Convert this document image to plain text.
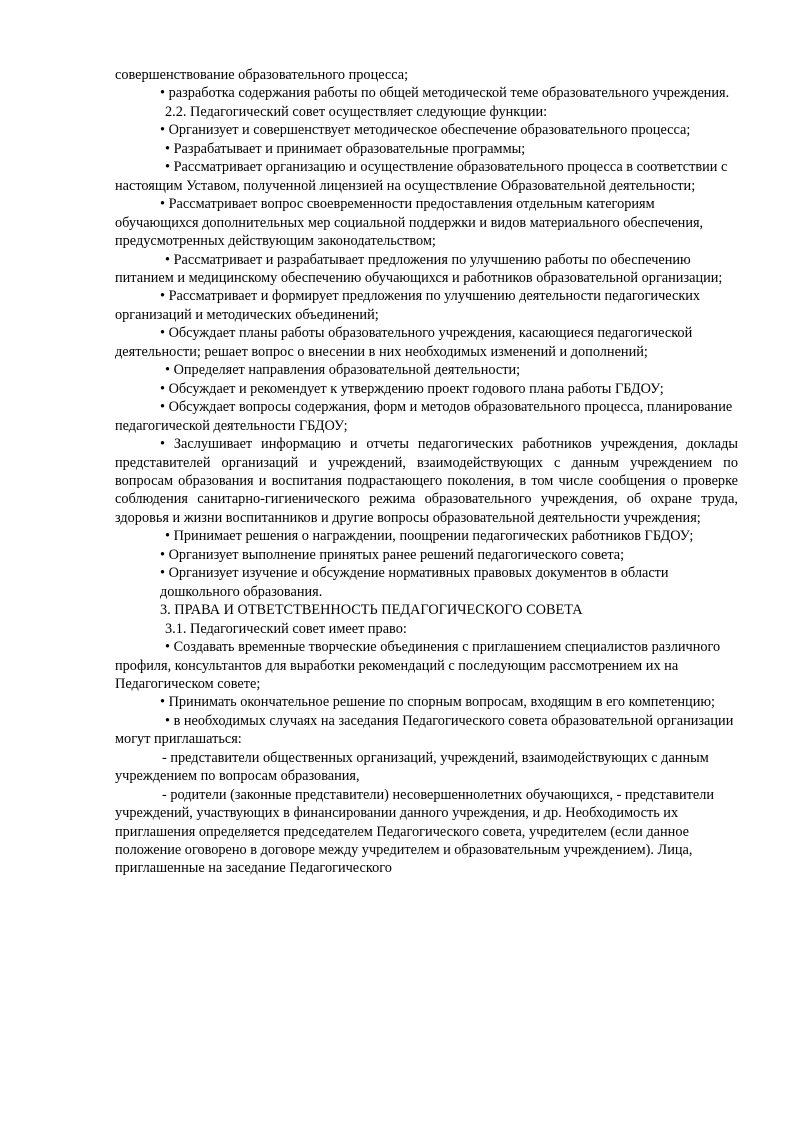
совершенствование образовательного процесса;

• разработка содержания работы по общей методической теме образовательного учреждения.

2.2. Педагогический совет осуществляет следующие функции:

• Организует и совершенствует методическое обеспечение образовательного процесса;

• Разрабатывает и принимает образовательные программы;

• Рассматривает организацию и осуществление образовательного процесса в соответствии с настоящим Уставом, полученной лицензией на осуществление Образовательной деятельности;

• Рассматривает вопрос своевременности предоставления отдельным категориям обучающихся дополнительных мер социальной поддержки и видов материального обеспечения, предусмотренных действующим законодательством;

• Рассматривает и разрабатывает предложения по улучшению работы по обеспечению питанием и медицинскому обеспечению обучающихся и работников образовательной организации;

• Рассматривает и формирует предложения по улучшению деятельности педагогических организаций и методических объединений;

• Обсуждает планы работы образовательного учреждения, касающиеся педагогической деятельности; решает вопрос о внесении в них необходимых изменений и дополнений;

• Определяет направления образовательной деятельности;

• Обсуждает и рекомендует к утверждению проект годового плана работы ГБДОУ;

• Обсуждает вопросы содержания, форм и методов образовательного процесса, планирование педагогической деятельности ГБДОУ;

• Заслушивает информацию и отчеты педагогических работников учреждения, доклады представителей организаций и учреждений, взаимодействующих с данным учреждением по вопросам образования и воспитания подрастающего поколения, в том числе сообщения о проверке соблюдения санитарно-гигиенического режима образовательного учреждения, об охране труда, здоровья и жизни воспитанников и другие вопросы образовательной деятельности учреждения;

• Принимает решения о награждении, поощрении педагогических работников ГБДОУ;

• Организует выполнение принятых ранее решений педагогического совета;

• Организует изучение и обсуждение нормативных правовых документов в области дошкольного образования.

3. ПРАВА И ОТВЕТСТВЕННОСТЬ ПЕДАГОГИЧЕСКОГО СОВЕТА

3.1. Педагогический совет имеет право:

• Создавать временные творческие объединения с приглашением специалистов различного профиля, консультантов для выработки рекомендаций с последующим рассмотрением их на Педагогическом совете;

• Принимать окончательное решение по спорным вопросам, входящим в его компетенцию;

• в необходимых случаях на заседания Педагогического совета образовательной организации могут приглашаться:

- представители общественных организаций, учреждений, взаимодействующих с данным учреждением по вопросам образования,

- родители (законные представители) несовершеннолетних обучающихся, - представители учреждений, участвующих в финансировании данного учреждения, и др. Необходимость их приглашения определяется председателем Педагогического совета, учредителем (если данное положение оговорено в договоре между учредителем и образовательным учреждением). Лица, приглашенные на заседание Педагогического
